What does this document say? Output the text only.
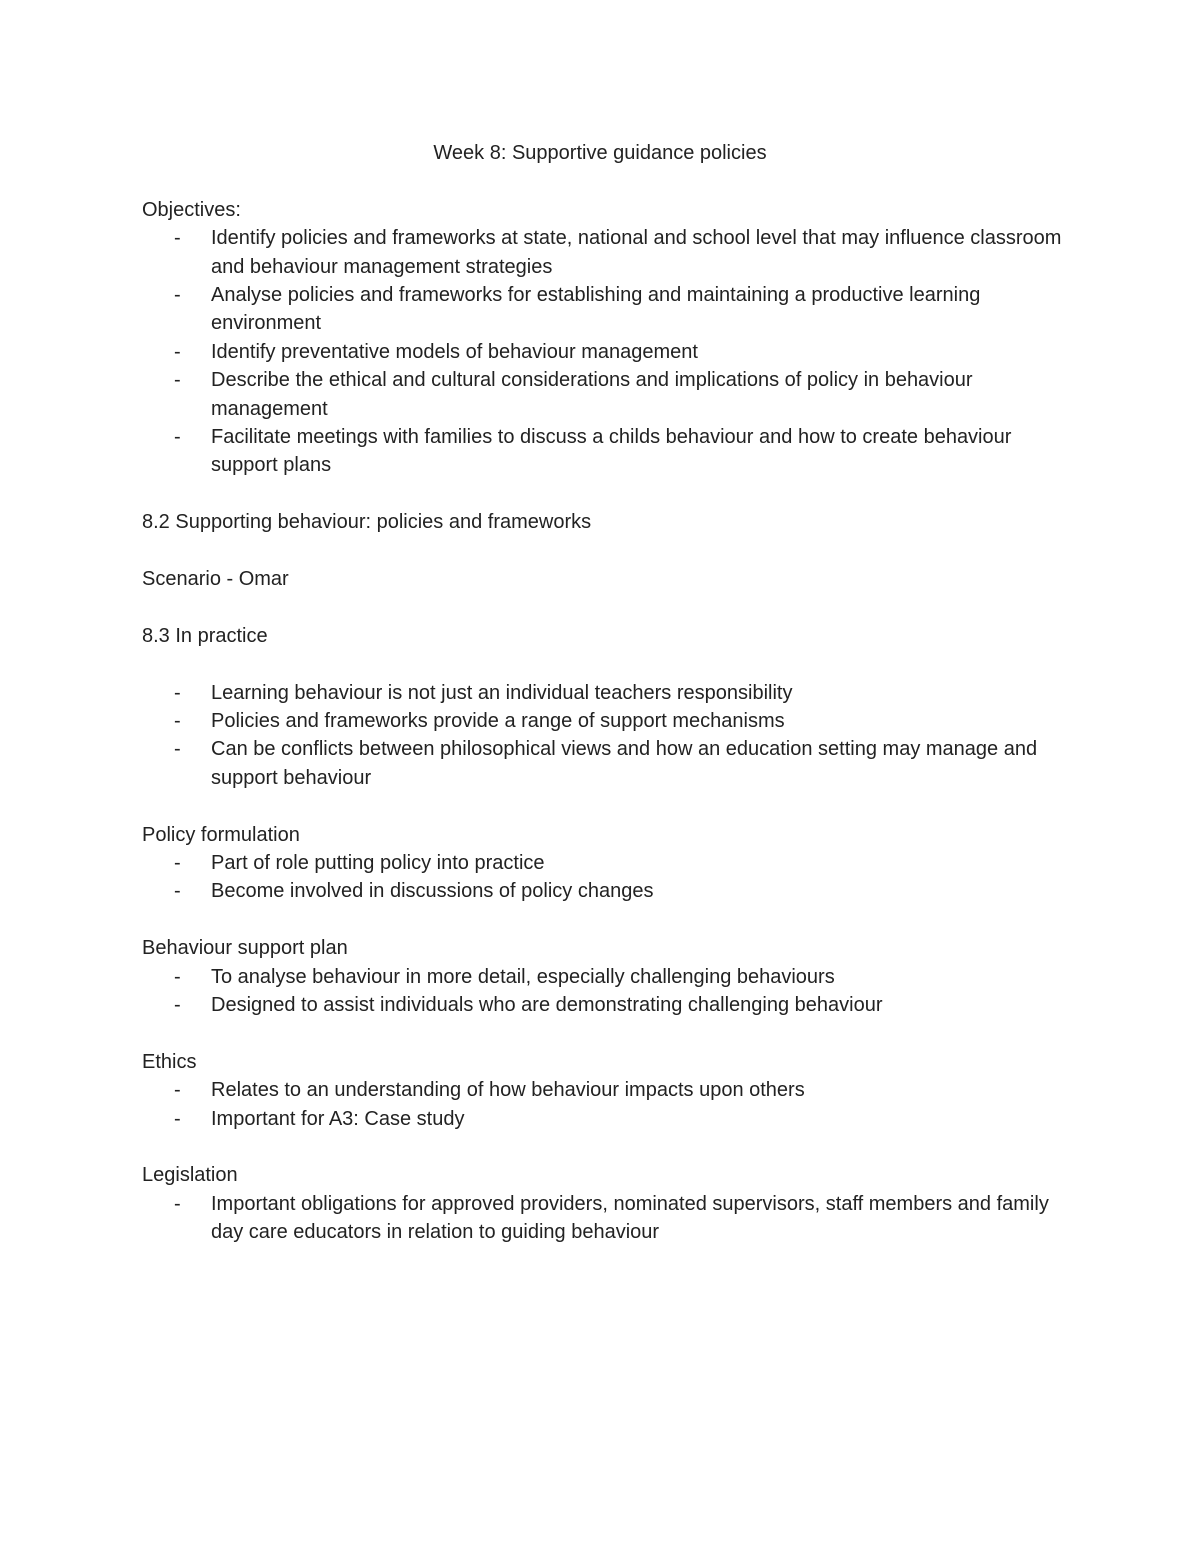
Week 8: Supportive guidance policies

Objectives:

- Identify policies and frameworks at state, national and school level that may influence classroom and behaviour management strategies
- Analyse policies and frameworks for establishing and maintaining a productive learning environment
- Identify preventative models of behaviour management
- Describe the ethical and cultural considerations and implications of policy in behaviour management
- Facilitate meetings with families to discuss a childs behaviour and how to create behaviour support plans

8.2 Supporting behaviour: policies and frameworks

Scenario - Omar

8.3 In practice

- Learning behaviour is not just an individual teachers responsibility
- Policies and frameworks provide a range of support mechanisms
- Can be conflicts between philosophical views and how an education setting may manage and support behaviour

Policy formulation

- Part of role putting policy into practice
- Become involved in discussions of policy changes

Behaviour support plan

- To analyse behaviour in more detail, especially challenging behaviours
- Designed to assist individuals who are demonstrating challenging behaviour

Ethics

- Relates to an understanding of how behaviour impacts upon others
- Important for A3: Case study

Legislation

- Important obligations for approved providers, nominated supervisors, staff members and family day care educators in relation to guiding behaviour
